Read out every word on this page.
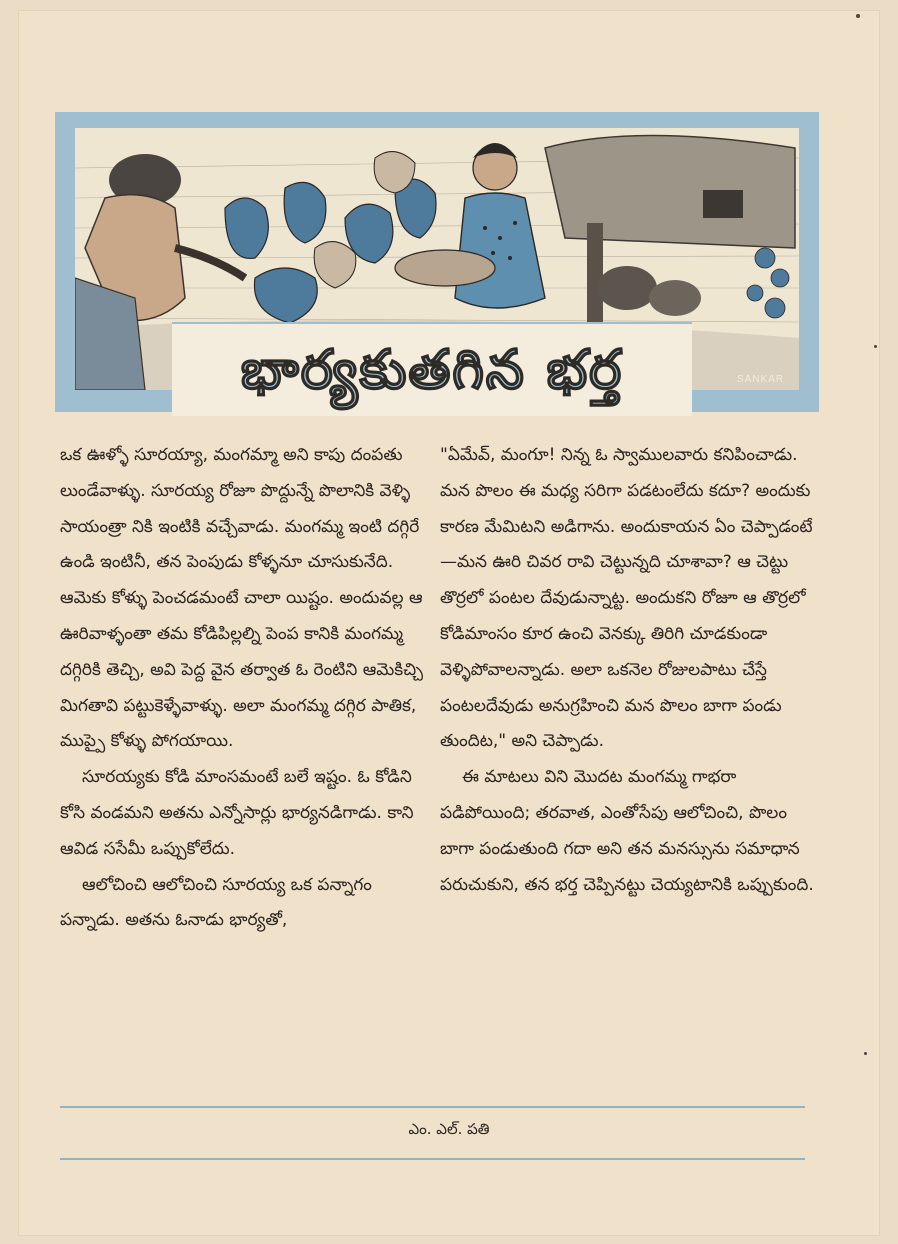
భార్యకుతగిన భర్త	SANKAR

ఒక ఊళ్ళో సూరయ్యా, మంగమ్మా అని కాపు దంపతు లుండేవాళ్ళు. సూరయ్య రోజూ పొద్దున్నే పొలానికి వెళ్ళి సాయంత్రా నికి ఇంటికి వచ్చేవాడు. మంగమ్మ ఇంటి దగ్గిరే ఉండి ఇంటినీ, తన పెంపుడు కోళ్ళనూ చూసుకునేది. ఆమెకు కోళ్ళు పెంచడమంటే చాలా యిష్టం. అందువల్ల ఆ ఊరివాళ్ళంతా తమ కోడిపిల్లల్ని పెంప కానికి మంగమ్మ దగ్గిరికి తెచ్చి, అవి పెద్ద వైన తర్వాత ఓ రెంటిని ఆమెకిచ్చి మిగతావి పట్టుకెళ్ళేవాళ్ళు. అలా మంగమ్మ దగ్గిర పాతిక, ముప్పై కోళ్ళు పోగయాయి.

సూరయ్యకు కోడి మాంసమంటే బలే ఇష్టం. ఓ కోడిని కోసి వండమని అతను ఎన్నోసార్లు భార్యనడిగాడు. కాని ఆవిడ ససేమీ ఒప్పుకోలేదు.

ఆలోచించి ఆలోచించి సూరయ్య ఒక పన్నాగం పన్నాడు. అతను ఓనాడు భార్యతో,

"ఏమేవ్, మంగూ! నిన్న ఓ స్వాములవారు కనిపించాడు. మన పొలం ఈ మధ్య సరిగా పడటంలేదు కదూ? అందుకు కారణ మేమిటని అడిగాను. అందుకాయన ఏం చెప్పాడంటే—మన ఊరి చివర రావి చెట్టున్నది చూశావా? ఆ చెట్టు తొర్రలో పంటల దేవుడున్నాట్ట. అందుకని రోజూ ఆ తొర్రలో కోడిమాంసం కూర ఉంచి వెనక్కు తిరిగి చూడకుండా వెళ్ళిపోవాలన్నాడు. అలా ఒకనెల రోజులపాటు చేస్తే పంటలదేవుడు అనుగ్రహించి మన పొలం బాగా పండు తుందిట," అని చెప్పాడు.

ఈ మాటలు విని మొదట మంగమ్మ గాభరా పడిపోయింది; తరవాత, ఎంతోసేపు ఆలోచించి, పొలం బాగా పండుతుంది గదా అని తన మనస్సును సమాధాన పరుచుకుని, తన భర్త చెప్పినట్టు చెయ్యటానికి ఒప్పుకుంది.

ఎం. ఎల్. పతి
